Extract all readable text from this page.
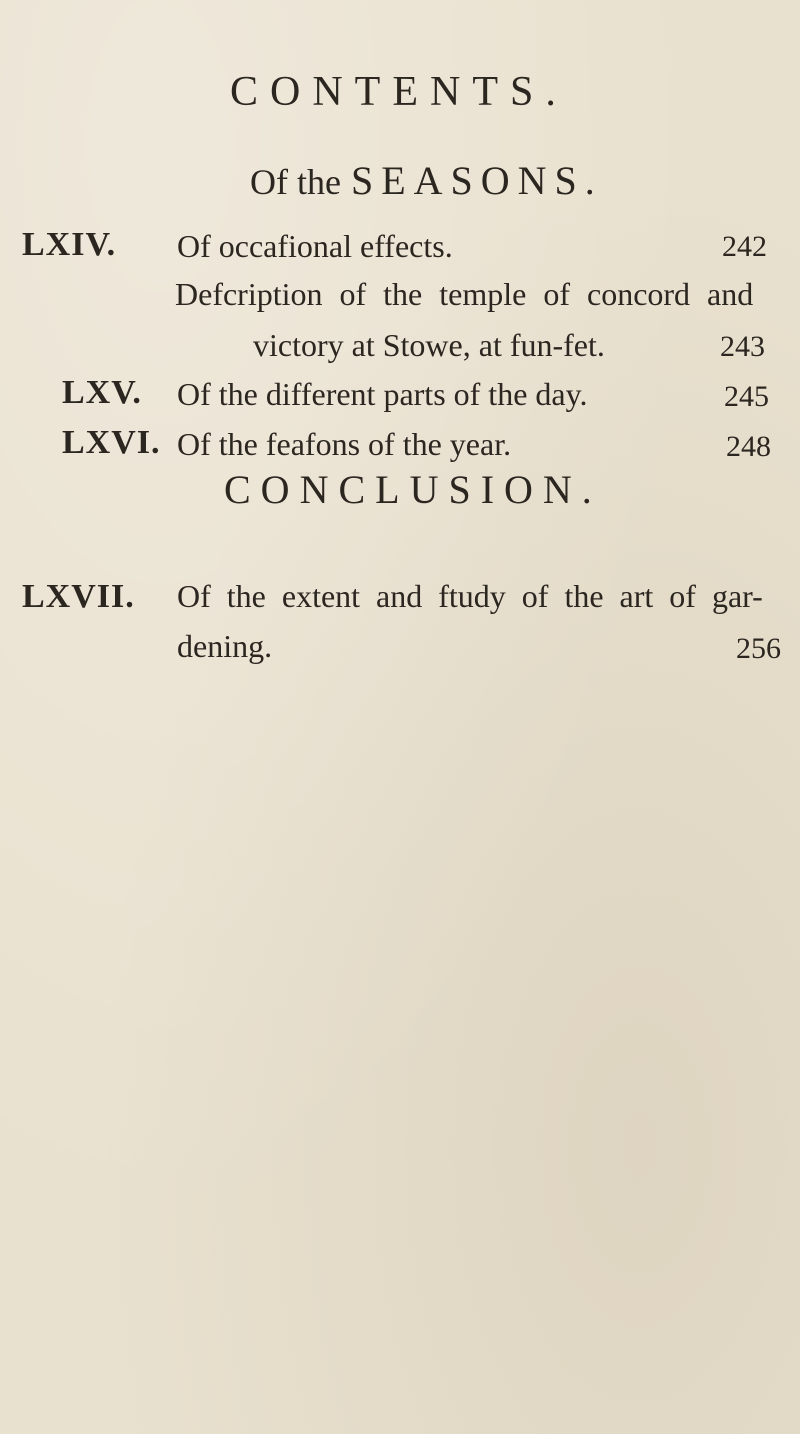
CONTENTS.
Of the SEASONS.
LXIV. Of occafional effects.	242
Defcription of the temple of concord and
victory at Stowe, at fun-fet.	243
LXV. Of the different parts of the day.	245
LXVI. Of the feafons of the year.	248
CONCLUSION.
LXVII. Of the extent and ftudy of the art of gar-
dening.	256
